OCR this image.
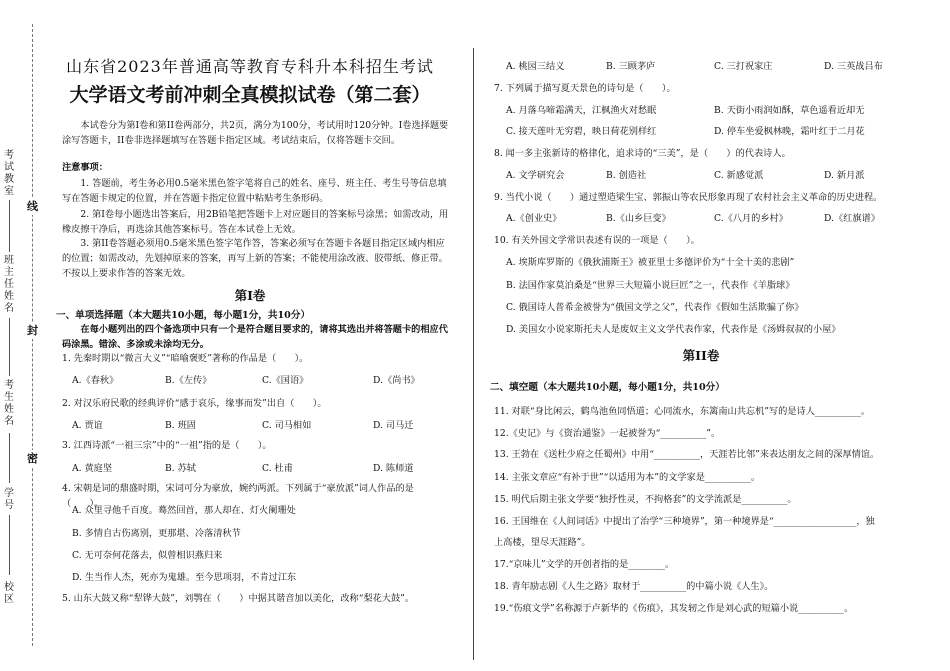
考试教室
班主任姓名
考生姓名
学号
校区
线
封
密
山东省2023年普通高等教育专科升本科招生考试
大学语文考前冲刺全真模拟试卷（第二套）
本试卷分为第I卷和第II卷两部分，共2页，满分为100分，考试用时120分钟。I卷选择题要涂写答题卡，II卷非选择题填写在答题卡指定区域。考试结束后，仅将答题卡交回。
注意事项：
1. 答题前，考生务必用0.5毫米黑色签字笔将自己的姓名、座号、班主任、考生号等信息填写在答题卡规定的位置，并在答题卡指定位置中粘贴考生条形码。
2. 第I卷每小题选出答案后，用2B铅笔把答题卡上对应题目的答案标号涂黑；如需改动，用橡皮擦干净后，再选涂其他答案标号。答在本试卷上无效。
3. 第II卷答题必须用0.5毫米黑色签字笔作答，答案必须写在答题卡各题目指定区域内相应的位置；如需改动，先划掉原来的答案，再写上新的答案；不能使用涂改液、胶带纸、修正带。不按以上要求作答的答案无效。
第I卷
一、单项选择题（本大题共10小题，每小题1分，共10分）
在每小题列出的四个备选项中只有一个是符合题目要求的，请将其选出并将答题卡的相应代码涂黑。错涂、多涂或未涂均无分。
1. 先秦时期以“微言大义”“暗喻褒贬”著称的作品是（　　）。
A.《春秋》	B.《左传》	C.《国语》	D.《尚书》
2. 对汉乐府民歌的经典评价“感于哀乐，缘事而发”出自（　　）。
A. 贾谊	B. 班固	C. 司马相如	D. 司马迁
3. 江西诗派“一祖三宗”中的“一祖”指的是（　　）。
A. 黄庭坚	B. 苏轼	C. 杜甫	D. 陈师道
4. 宋朝是词的鼎盛时期，宋词可分为豪放，婉约两派。下列属于“豪放派”词人作品的是（　　）。
A. 众里寻他千百度。蓦然回首，那人却在、灯火阑珊处
B. 多情自古伤离别，更那堪、冷落清秋节
C. 无可奈何花落去，似曾相识燕归来
D. 生当作人杰，死亦为鬼雄。至今思项羽，不肯过江东
5. 山东大鼓又称“犁铧大鼓”，刘鹗在（　　）中据其谐音加以美化，改称“梨花大鼓”。
A. 桃园三结义	B. 三顾茅庐	C. 三打祝家庄	D. 三英战吕布
7. 下列属于描写夏天景色的诗句是（　　）。
A. 月落乌啼霜满天，江枫渔火对愁眠	B. 天街小雨润如酥，草色遥看近却无
C. 接天莲叶无穷碧，映日荷花别样红	D. 停车坐爱枫林晚，霜叶红于二月花
8. 闻一多主张新诗的格律化，追求诗的“三美”，是（　　）的代表诗人。
A. 文学研究会	B. 创造社	C. 新感觉派	D. 新月派
9. 当代小说（　　）通过塑造梁生宝、郭振山等农民形象再现了农村社会主义革命的历史进程。
A.《创业史》	B.《山乡巨变》	C.《八月的乡村》	D.《红旗谱》
10. 有关外国文学常识表述有误的一项是（　　）。
A. 埃斯库罗斯的《俄狄浦斯王》被亚里士多德评价为“十全十美的悲剧”
B. 法国作家莫泊桑是“世界三大短篇小说巨匠”之一，代表作《羊脂球》
C. 俄国诗人普希金被誉为“俄国文学之父”，代表作《假如生活欺骗了你》
D. 美国女小说家斯托夫人是废奴主义文学代表作家，代表作是《汤姆叔叔的小屋》
第II卷
二、填空题（本大题共10小题，每小题1分，共10分）
11. 对联“身比闲云，鹤鸟池鱼同悟道；心同流水，东篱南山共忘机”写的是诗人__________。
12.《史记》与《资治通鉴》一起被誉为“__________”。
13. 王勃在《送杜少府之任蜀州》中用“__________，天涯若比邻”来表达朋友之间的深厚情谊。
14. 主张文章应“有补于世”“以适用为本”的文学家是__________。
15. 明代后期主张文学要“独抒性灵，不拘格套”的文学流派是__________。
16. 王国维在《人间词话》中提出了治学“三种境界”，第一种境界是“__________________，独
上高楼，望尽天涯路”。
17.“京味儿”文学的开创者指的是________。
18. 青年励志剧《人生之路》取材于__________的中篇小说《人生》。
19.“伤痕文学”名称源于卢新华的《伤痕》，其发轫之作是刘心武的短篇小说__________。
